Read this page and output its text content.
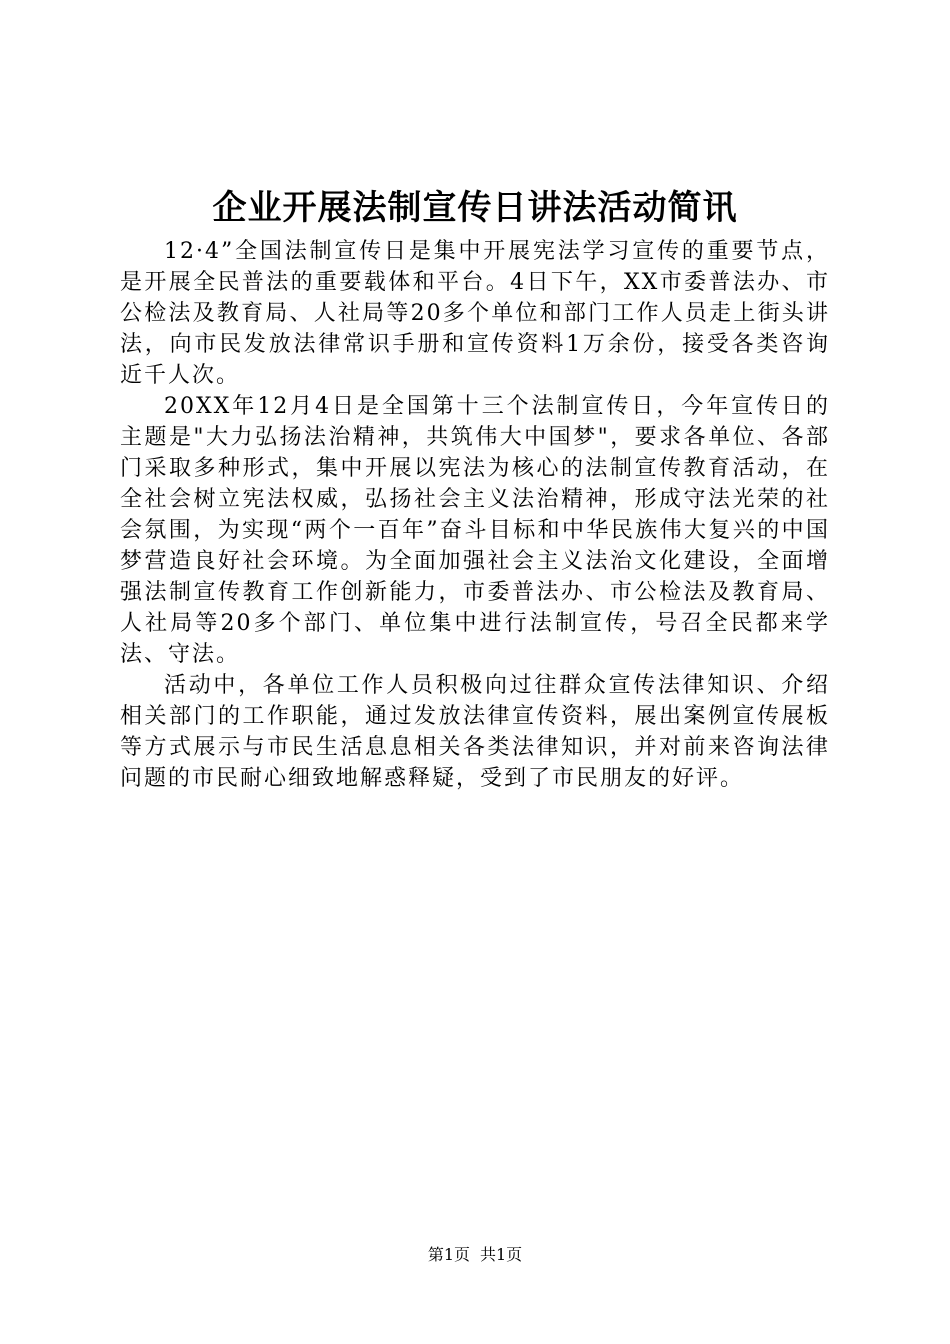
企业开展法制宣传日讲法活动简讯

12·4”全国法制宣传日是集中开展宪法学习宣传的重要节点，是开展全民普法的重要载体和平台。4日下午，XX市委普法办、市公检法及教育局、人社局等20多个单位和部门工作人员走上街头讲法，向市民发放法律常识手册和宣传资料1万余份，接受各类咨询近千人次。

20XX年12月4日是全国第十三个法制宣传日，今年宣传日的主题是"大力弘扬法治精神，共筑伟大中国梦"，要求各单位、各部门采取多种形式，集中开展以宪法为核心的法制宣传教育活动，在全社会树立宪法权威，弘扬社会主义法治精神，形成守法光荣的社会氛围，为实现“两个一百年”奋斗目标和中华民族伟大复兴的中国梦营造良好社会环境。为全面加强社会主义法治文化建设，全面增强法制宣传教育工作创新能力，市委普法办、市公检法及教育局、人社局等20多个部门、单位集中进行法制宣传，号召全民都来学法、守法。

活动中，各单位工作人员积极向过往群众宣传法律知识、介绍相关部门的工作职能，通过发放法律宣传资料，展出案例宣传展板等方式展示与市民生活息息相关各类法律知识，并对前来咨询法律问题的市民耐心细致地解惑释疑，受到了市民朋友的好评。

第1页 共1页
